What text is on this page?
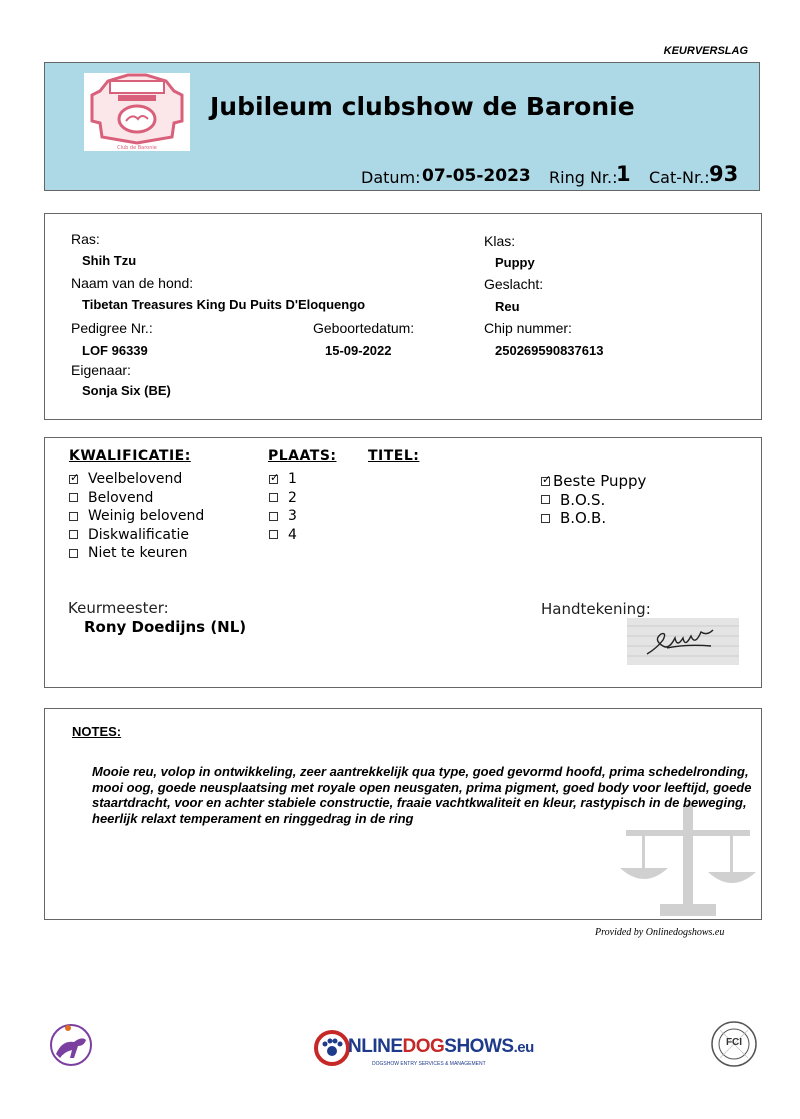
KEURVERSLAG
Club de Baronie
Jubileum clubshow de Baronie
Datum: 07-05-2023 Ring Nr.:
1 Cat-Nr.: 93
Ras:
Shih Tzu
Naam van de hond:
Tibetan Treasures King Du Puits D'Eloquengo
Pedigree Nr.:
LOF 96339
Geboortedatum:
15-09-2022
Eigenaar:
Sonja Six (BE)
Klas:
Puppy
Geslacht:
Reu
Chip nummer:
250269590837613
KWALIFICATIE:	PLAATS: TITEL:
✓
Veelbelovend
Belovend
Weinig belovend
Diskwalificatie
Niet te keuren
✓
1
2
3
4
✓
Beste Puppy
B.O.S.
B.O.B.
Keurmeester:
Rony Doedijns (NL)
Handtekening:
NOTES:
Mooie reu, volop in ontwikkeling, zeer aantrekkelijk qua type, goed gevormd hoofd, prima schedelronding, mooi oog, goede neusplaatsing met royale open neusgaten, prima pigment, goed body voor leeftijd, goede staartdracht, voor en achter stabiele constructie, fraaie vachtkwaliteit en kleur, rastypisch in de beweging, heerlijk relaxt temperament en ringgedrag in de ring
Provided by Onlinedogshows.eu
NLINEDOGSHOWS.eu
DOGSHOW ENTRY SERVICES & MANAGEMENT
FCI
